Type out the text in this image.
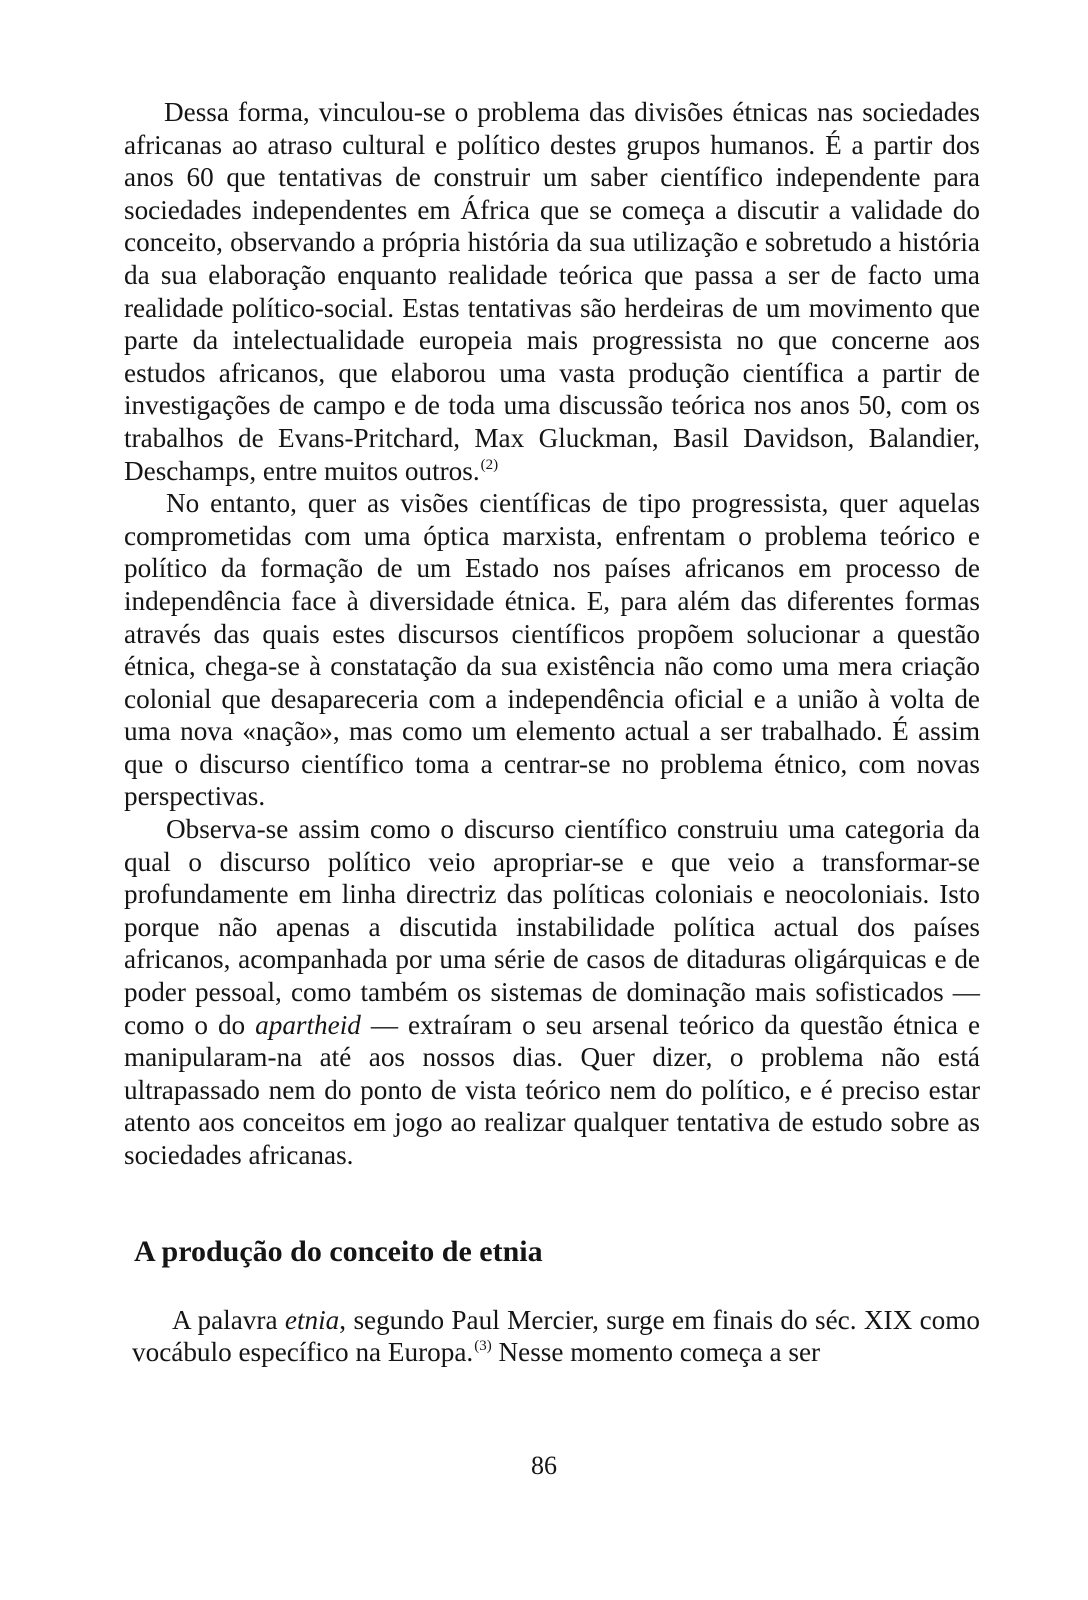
Dessa forma, vinculou-se o problema das divisões étnicas nas sociedades africanas ao atraso cultural e político destes grupos humanos. É a partir dos anos 60 que tentativas de construir um saber científico independente para sociedades independentes em África que se começa a discutir a validade do conceito, observando a própria história da sua utilização e sobretudo a história da sua elaboração enquanto realidade teórica que passa a ser de facto uma realidade político-social. Estas tentativas são herdeiras de um movimento que parte da intelectualidade europeia mais progressista no que concerne aos estudos africanos, que elaborou uma vasta produção científica a partir de investigações de campo e de toda uma discussão teórica nos anos 50, com os trabalhos de Evans-Pritchard, Max Gluckman, Basil Davidson, Balandier, Deschamps, entre muitos outros.$^{(2)}$

No entanto, quer as visões científicas de tipo progressista, quer aquelas comprometidas com uma óptica marxista, enfrentam o problema teórico e político da formação de um Estado nos países africanos em processo de independência face à diversidade étnica. E, para além das diferentes formas através das quais estes discursos científicos propõem solucionar a questão étnica, chega-se à constatação da sua existência não como uma mera criação colonial que desapareceria com a independência oficial e a união à volta de uma nova «nação», mas como um elemento actual a ser trabalhado. É assim que o discurso científico toma a centrar-se no problema étnico, com novas perspectivas.

Observa-se assim como o discurso científico construiu uma categoria da qual o discurso político veio apropriar-se e que veio a transformar-se profundamente em linha directriz das políticas coloniais e neocoloniais. Isto porque não apenas a discutida instabilidade política actual dos países africanos, acompanhada por uma série de casos de ditaduras oligárquicas e de poder pessoal, como também os sistemas de dominação mais sofisticados — como o do apartheid — extraíram o seu arsenal teórico da questão étnica e manipularam-na até aos nossos dias. Quer dizer, o problema não está ultrapassado nem do ponto de vista teórico nem do político, e é preciso estar atento aos conceitos em jogo ao realizar qualquer tentativa de estudo sobre as sociedades africanas.

A produção do conceito de etnia

A palavra etnia, segundo Paul Mercier, surge em finais do séc. XIX como vocábulo específico na Europa.$^{(3)}$ Nesse momento começa a ser

86
